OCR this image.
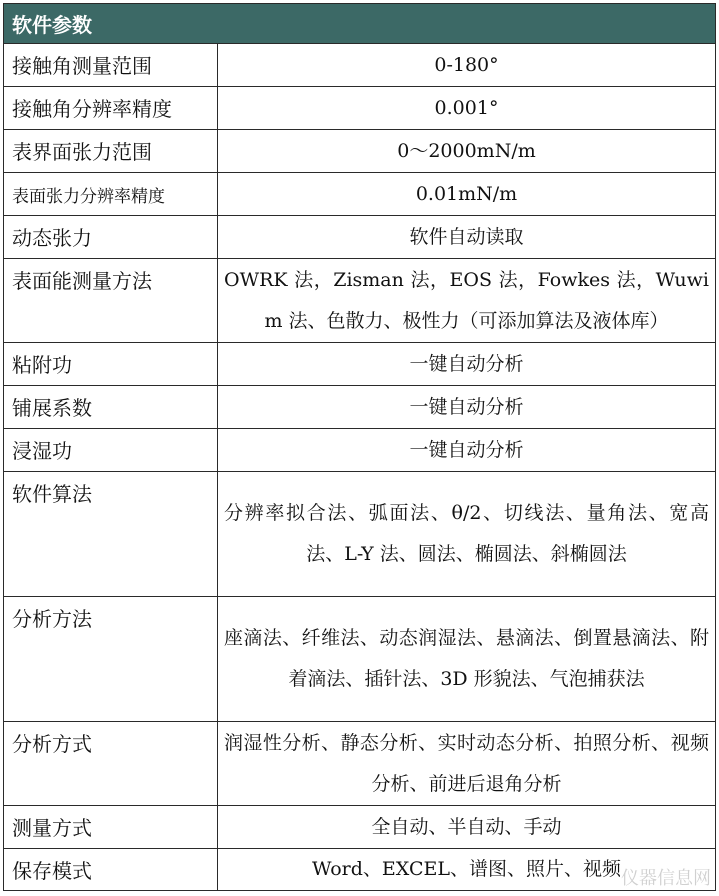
软件参数	
接触角测量范围	0-180°
接触角分辨率精度	0.001°
表界面张力范围	0～2000mN/m
表面张力分辨率精度	0.01mN/m
动态张力	软件自动读取
表面能测量方法	OWRK 法，Zisman 法，EOS 法，Fowkes 法，Wuwim 法、色散力、极性力（可添加算法及液体库）
粘附功	一键自动分析
铺展系数	一键自动分析
浸湿功	一键自动分析
软件算法	分辨率拟合法、弧面法、θ/2、切线法、量角法、宽高法、L-Y 法、圆法、椭圆法、斜椭圆法
分析方法	座滴法、纤维法、动态润湿法、悬滴法、倒置悬滴法、附着滴法、插针法、3D 形貌法、气泡捕获法
分析方式	润湿性分析、静态分析、实时动态分析、拍照分析、视频分析、前进后退角分析
测量方式	全自动、半自动、手动
保存模式	Word、EXCEL、谱图、照片、视频 仪器信息网
